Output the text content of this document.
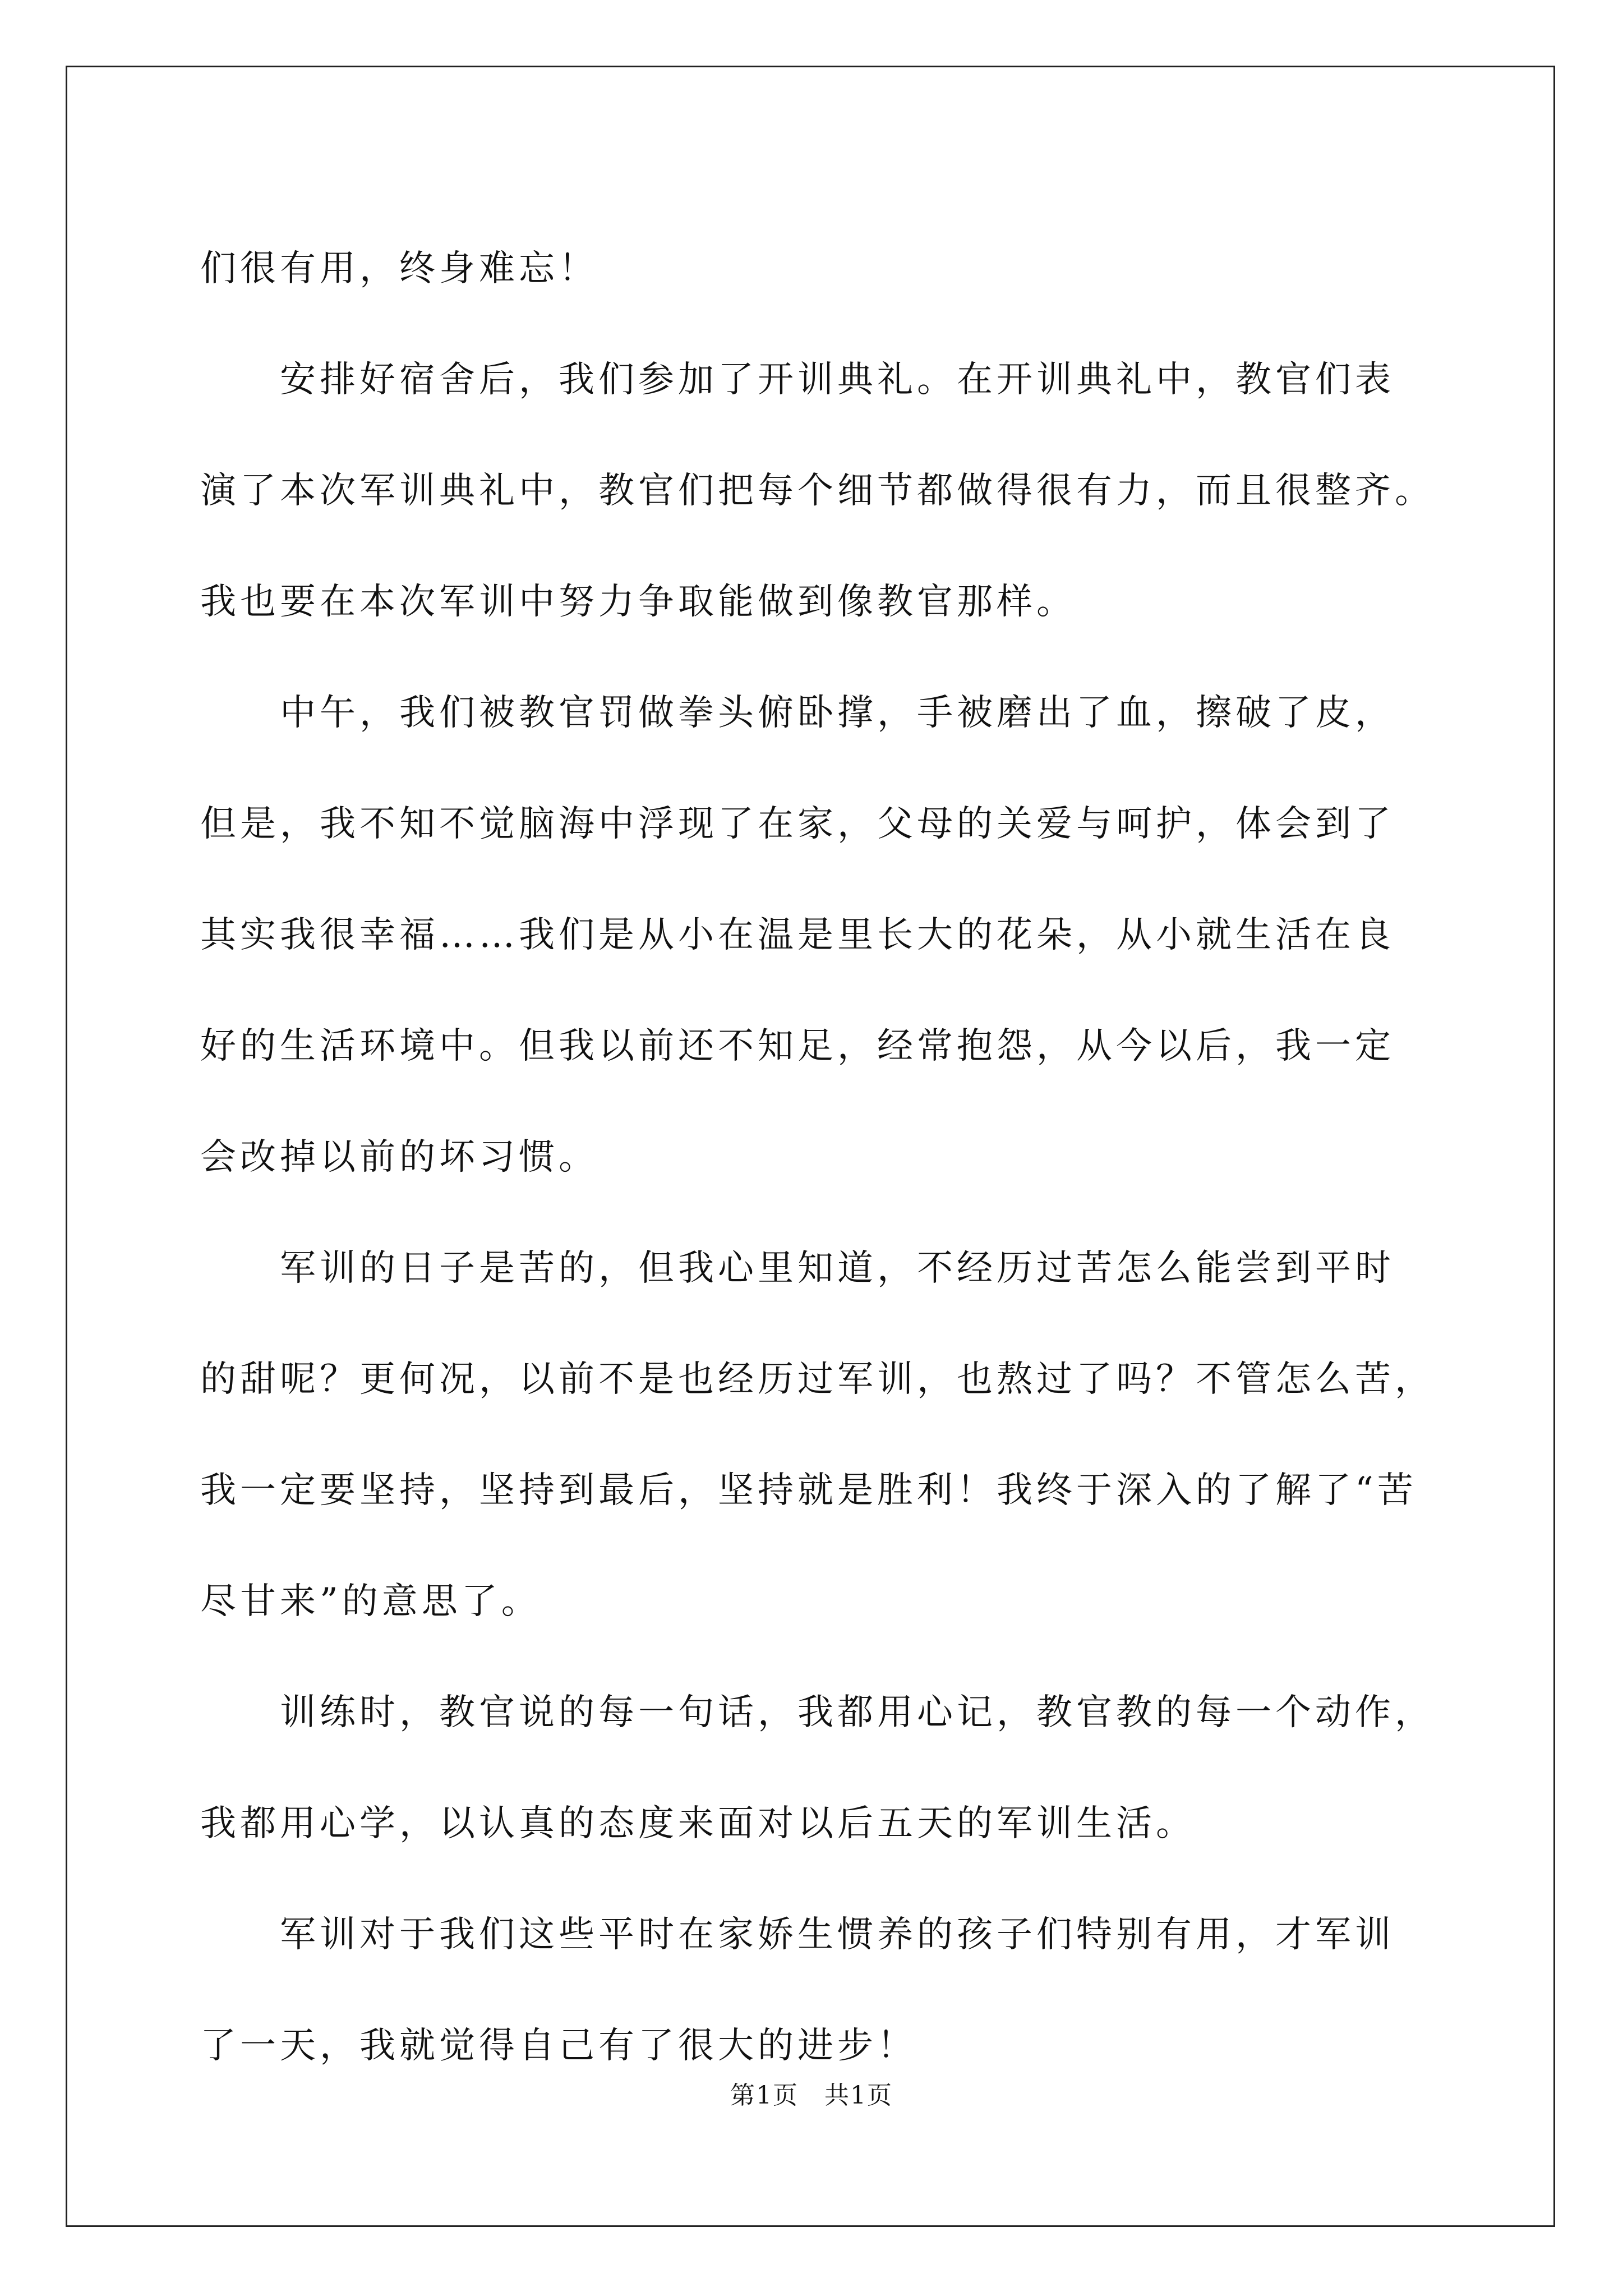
们很有用，终身难忘！
　　安排好宿舍后，我们参加了开训典礼。在开训典礼中，教官们表
演了本次军训典礼中，教官们把每个细节都做得很有力，而且很整齐。
我也要在本次军训中努力争取能做到像教官那样。
　　中午，我们被教官罚做拳头俯卧撑，手被磨出了血，擦破了皮，
但是，我不知不觉脑海中浮现了在家，父母的关爱与呵护，体会到了
其实我很幸福……我们是从小在温是里长大的花朵，从小就生活在良
好的生活环境中。但我以前还不知足，经常抱怨，从今以后，我一定
会改掉以前的坏习惯。
　　军训的日子是苦的，但我心里知道，不经历过苦怎么能尝到平时
的甜呢？更何况，以前不是也经历过军训，也熬过了吗？不管怎么苦，
我一定要坚持，坚持到最后，坚持就是胜利！我终于深入的了解了“苦
尽甘来”的意思了。
　　训练时，教官说的每一句话，我都用心记，教官教的每一个动作，
我都用心学，以认真的态度来面对以后五天的军训生活。
　　军训对于我们这些平时在家娇生惯养的孩子们特别有用，才军训
了一天，我就觉得自己有了很大的进步！
第1页　共1页
